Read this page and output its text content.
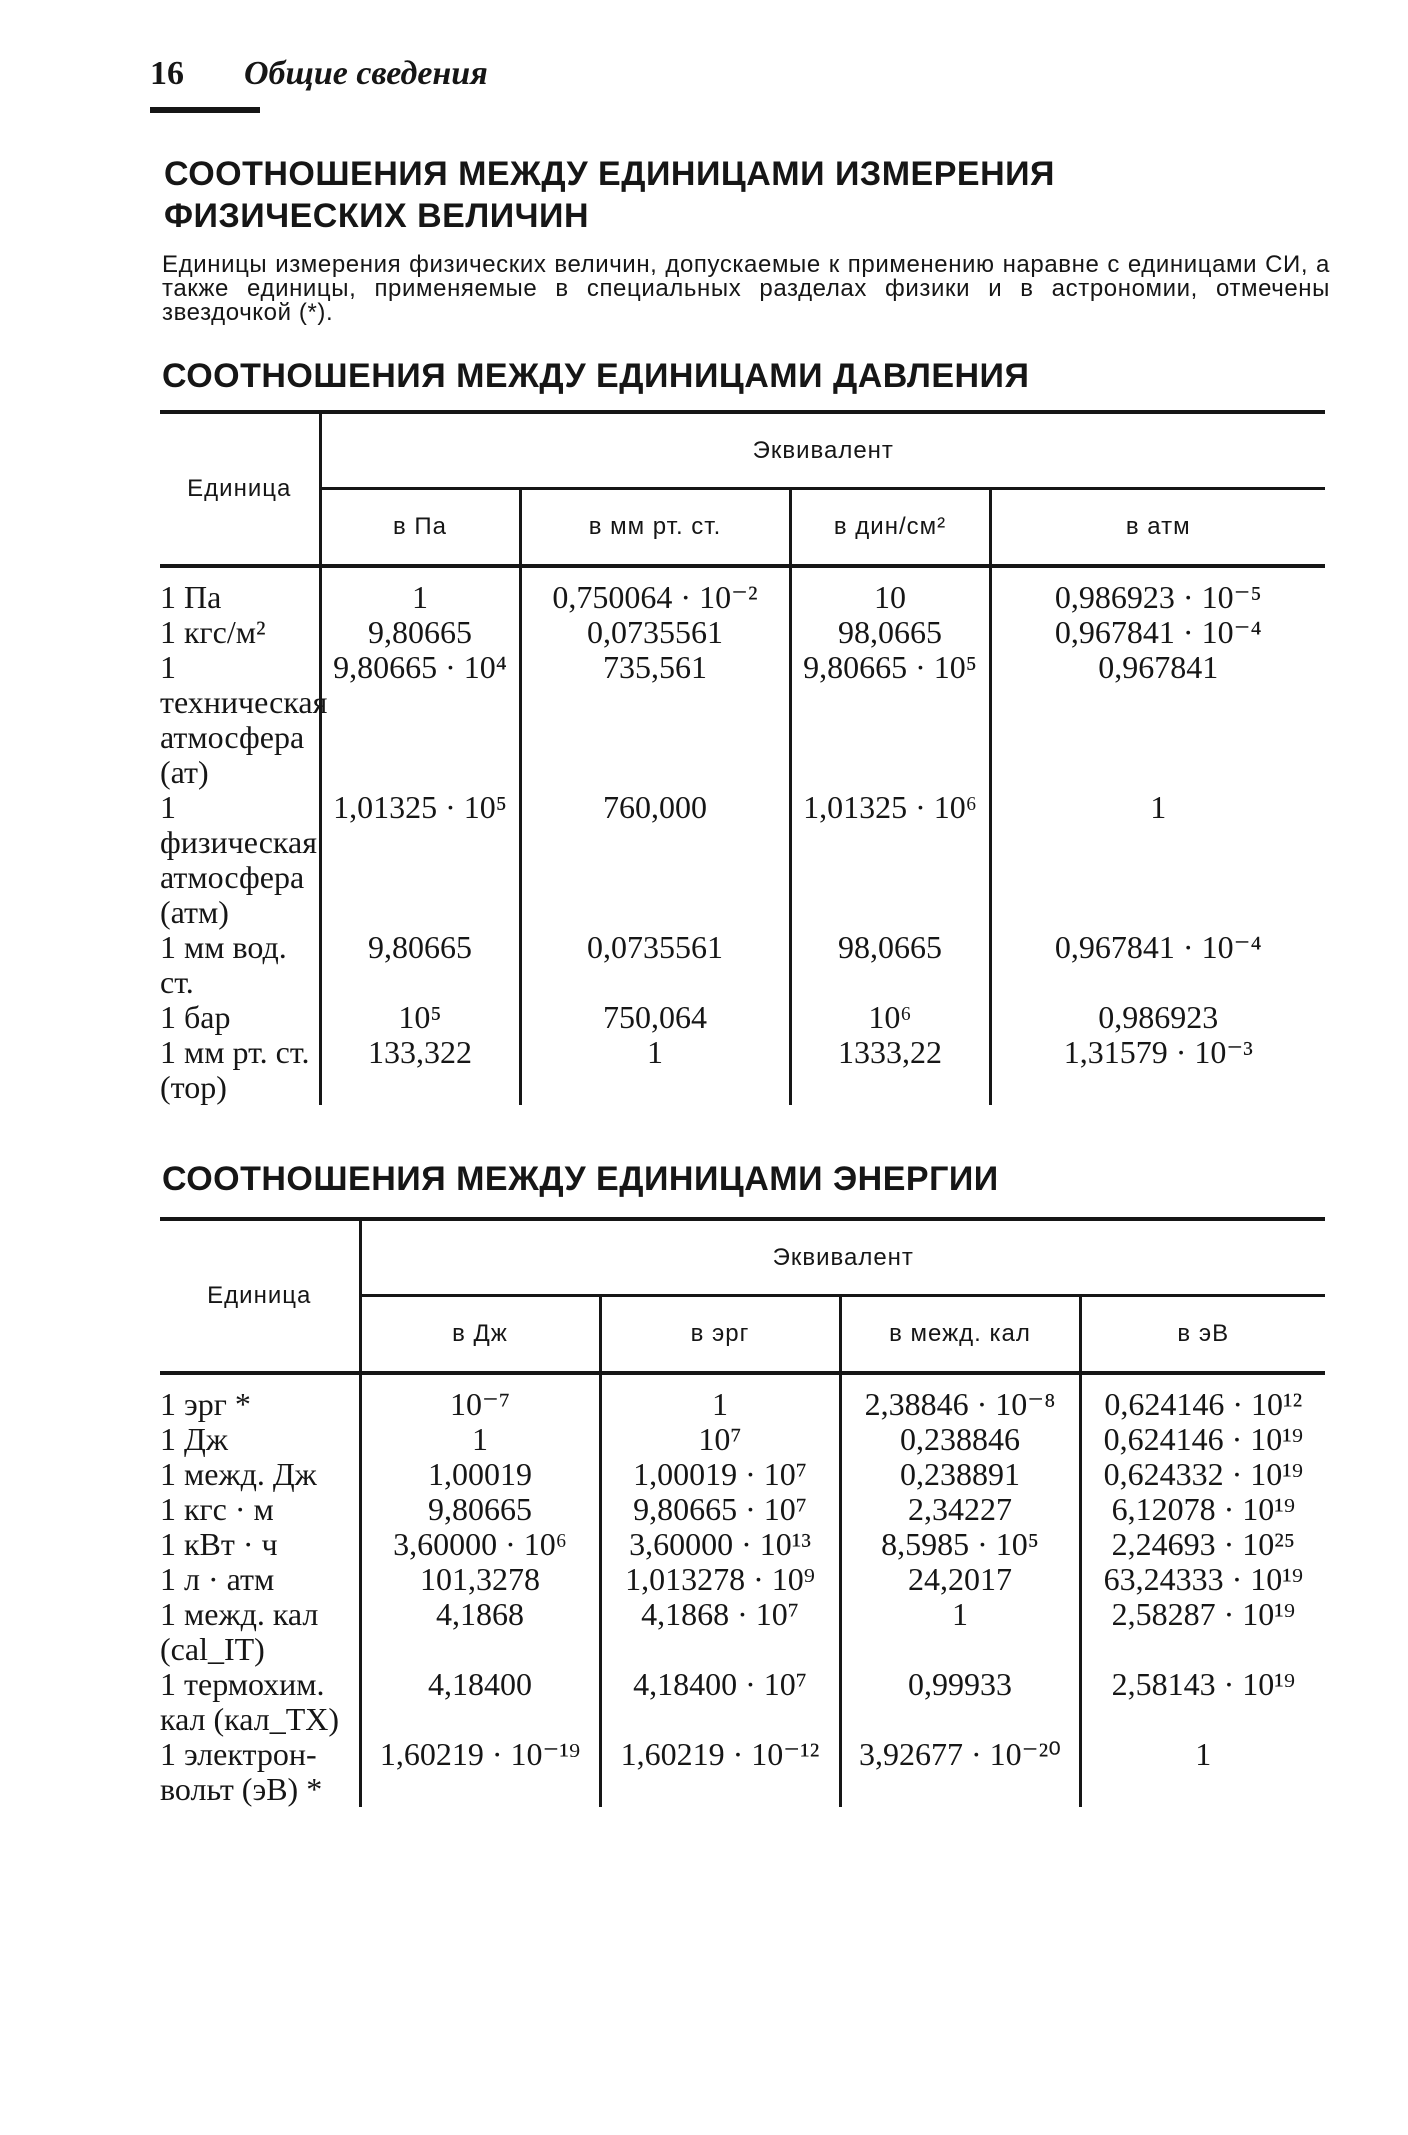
16 Общие сведения
СООТНОШЕНИЯ МЕЖДУ ЕДИНИЦАМИ ИЗМЕРЕНИЯ
ФИЗИЧЕСКИХ ВЕЛИЧИН

Единицы измерения физических величин, допускаемые к применению наравне с единицами СИ, а также единицы, применяемые в специальных разделах физики и в астрономии, отмечены звездочкой (*).

СООТНОШЕНИЯ МЕЖДУ ЕДИНИЦАМИ ДАВЛЕНИЯ
Единица	Эквивалент			
	в Па	в мм рт. ст.	в дин/см²	в атм

1 Па	1	0,750064 · 10⁻²	10	0,986923 · 10⁻⁵
1 кгс/м²	9,80665	0,0735561	98,0665	0,967841 · 10⁻⁴
1 техническая атмосфера (ат)	9,80665 · 10⁴	735,561	9,80665 · 10⁵	0,967841
1 физическая атмосфера (атм)	1,01325 · 10⁵	760,000	1,01325 · 10⁶	1
1 мм вод. ст.	9,80665	0,0735561	98,0665	0,967841 · 10⁻⁴
1 бар	10⁵	750,064	10⁶	0,986923
1 мм рт. ст. (тор)	133,322	1	1333,22	1,31579 · 10⁻³
СООТНОШЕНИЯ МЕЖДУ ЕДИНИЦАМИ ЭНЕРГИИ
Единица	Эквивалент			
	в Дж	в эрг	в межд. кал	в эВ

1 эрг *	10⁻⁷	1	2,38846 · 10⁻⁸	0,624146 · 10¹²
1 Дж	1	10⁷	0,238846	0,624146 · 10¹⁹
1 межд. Дж	1,00019	1,00019 · 10⁷	0,238891	0,624332 · 10¹⁹
1 кгс · м	9,80665	9,80665 · 10⁷	2,34227	6,12078 · 10¹⁹
1 кВт · ч	3,60000 · 10⁶	3,60000 · 10¹³	8,5985 · 10⁵	2,24693 · 10²⁵
1 л · атм	101,3278	1,013278 · 10⁹	24,2017	63,24333 · 10¹⁹
1 межд. кал (cal_IT)	4,1868	4,1868 · 10⁷	1	2,58287 · 10¹⁹
1 термохим. кал (кал_ТХ)	4,18400	4,18400 · 10⁷	0,99933	2,58143 · 10¹⁹
1 электрон-вольт (эВ) *	1,60219 · 10⁻¹⁹	1,60219 · 10⁻¹²	3,92677 · 10⁻²⁰	1
